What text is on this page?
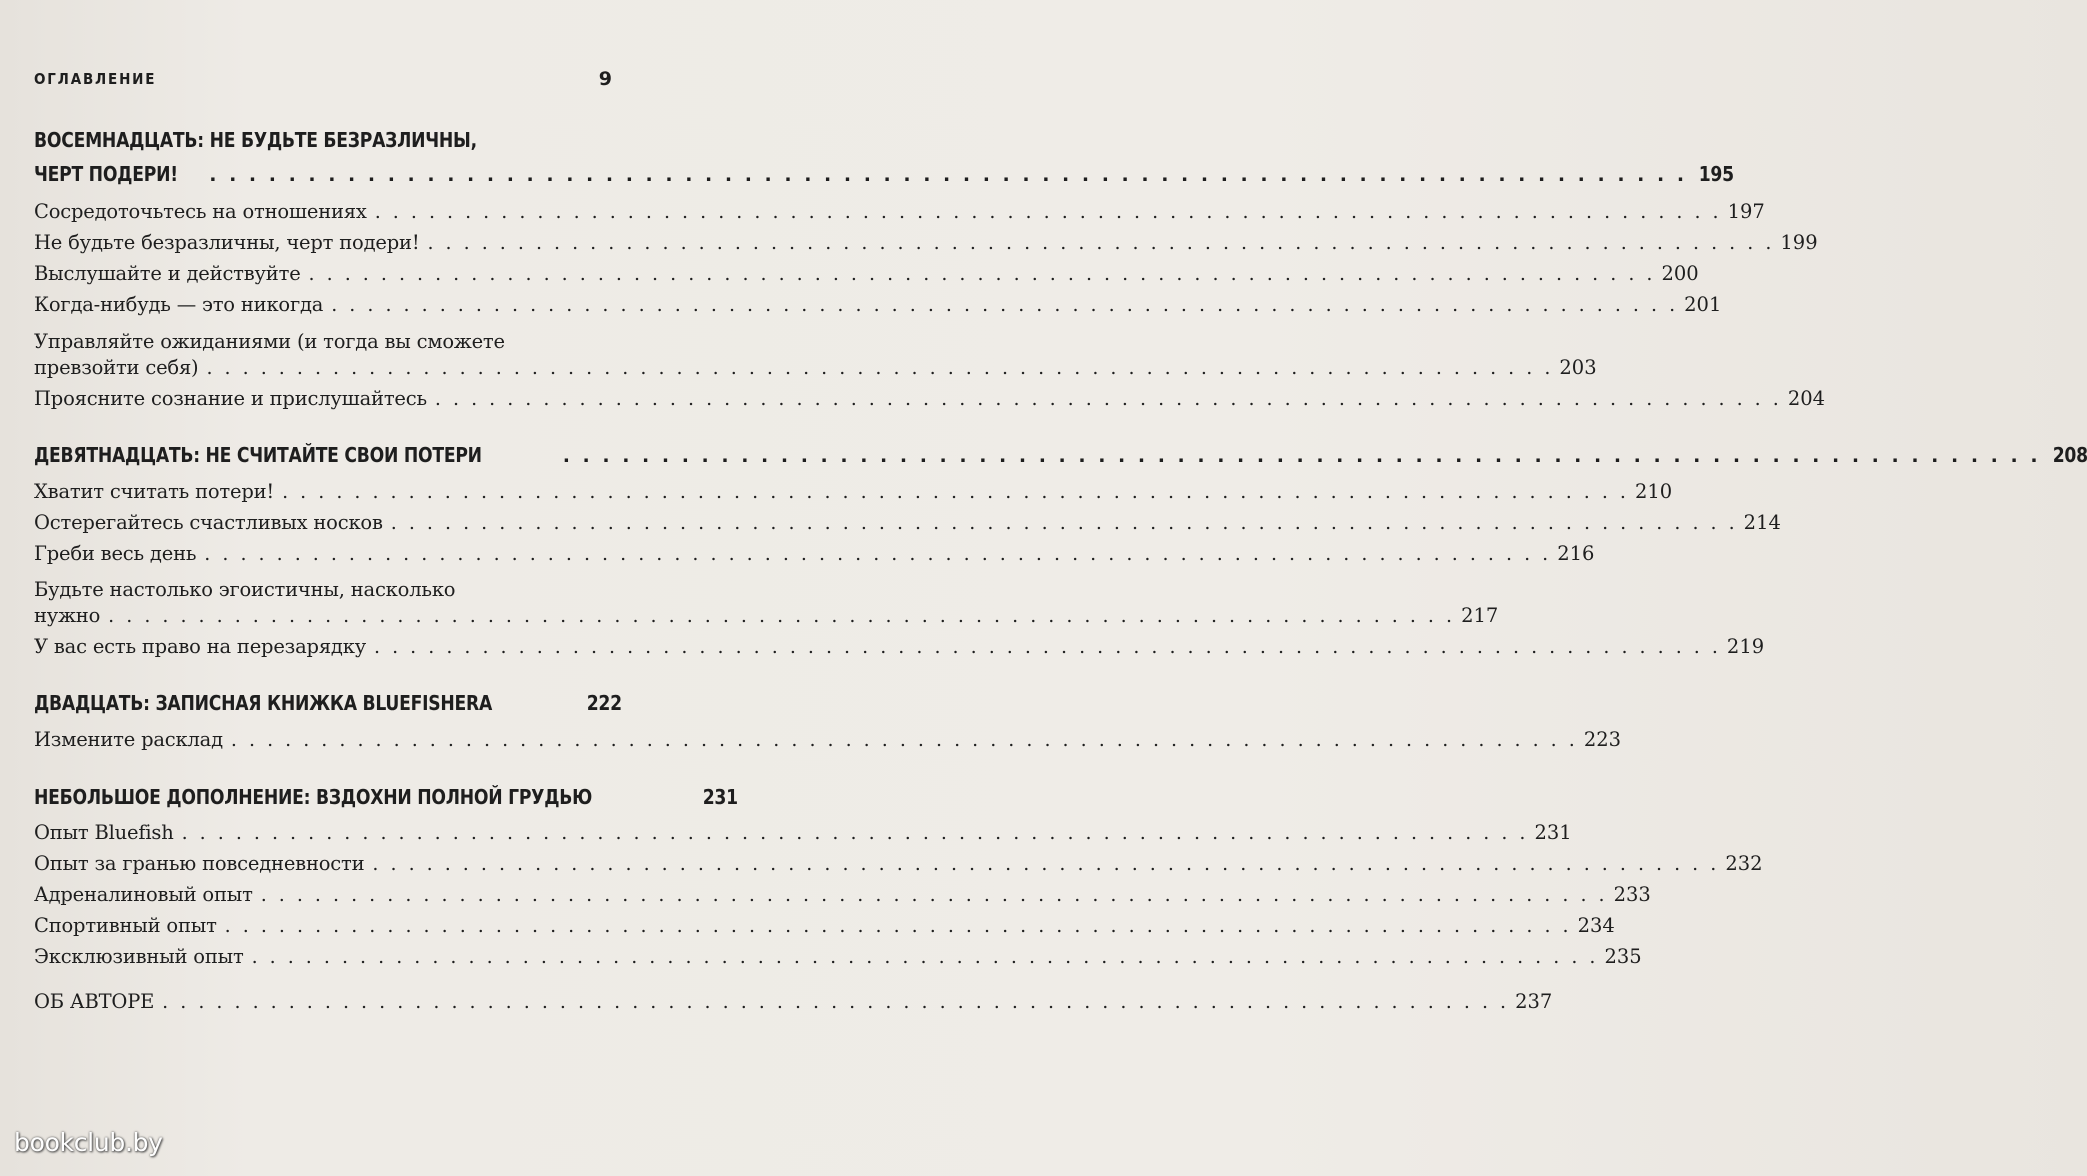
ОГЛАВЛЕНИЕ	9
ВОСЕМНАДЦАТЬ: НЕ БУДЬТЕ БЕЗРАЗЛИЧНЫ,
ЧЕРТ ПОДЕРИ! . . .	195
Сосредоточьтесь на отношениях . . .	197
Не будьте безразличны, черт подери! . . .	199
Выслушайте и действуйте . . .	200
Когда-нибудь — это никогда . . .	201
Управляйте ожиданиями (и тогда вы сможете
превзойти себя) . . .	203
Проясните сознание и прислушайтесь . . .	204
ДЕВЯТНАДЦАТЬ: НЕ СЧИТАЙТЕ СВОИ ПОТЕРИ . . .	208
Хватит считать потери! . . .	210
Остерегайтесь счастливых носков . . .	214
Греби весь день . . .	216
Будьте настолько эгоистичны, насколько
нужно . . .	217
У вас есть право на перезарядку . . .	219
ДВАДЦАТЬ: ЗАПИСНАЯ КНИЖКА BLUEFISHERA	222
Измените расклад . . .	223
НЕБОЛЬШОЕ ДОПОЛНЕНИЕ: ВЗДОХНИ ПОЛНОЙ ГРУДЬЮ	231
Опыт Bluefish . . .	231
Опыт за гранью повседневности . . .	232
Адреналиновый опыт . . .	233
Спортивный опыт . . .	234
Эксклюзивный опыт . . .	235
ОБ АВТОРЕ . . .	237
bookclub.by
